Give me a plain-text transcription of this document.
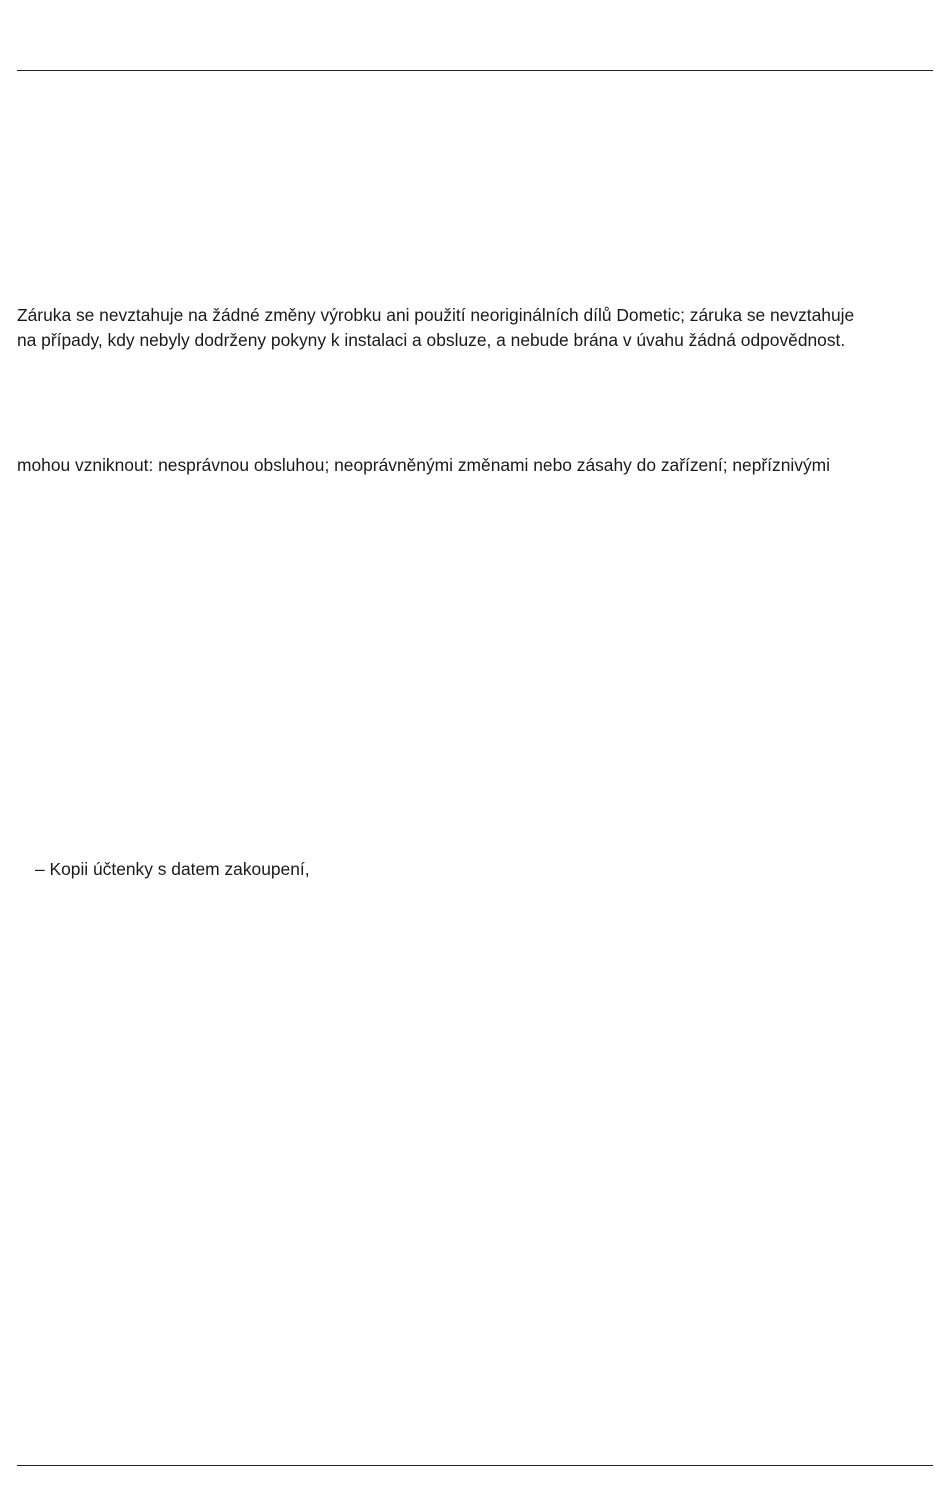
Záruka se nevztahuje na žádné změny výrobku ani použití neoriginálních dílů Dometic; záruka se nevztahuje
na případy, kdy nebyly dodrženy pokyny k instalaci a obsluze, a nebude brána v úvahu žádná odpovědnost.
mohou vzniknout: nesprávnou obsluhou; neoprávněnými změnami nebo zásahy do zařízení; nepříznivými
– Kopii účtenky s datem zakoupení,
